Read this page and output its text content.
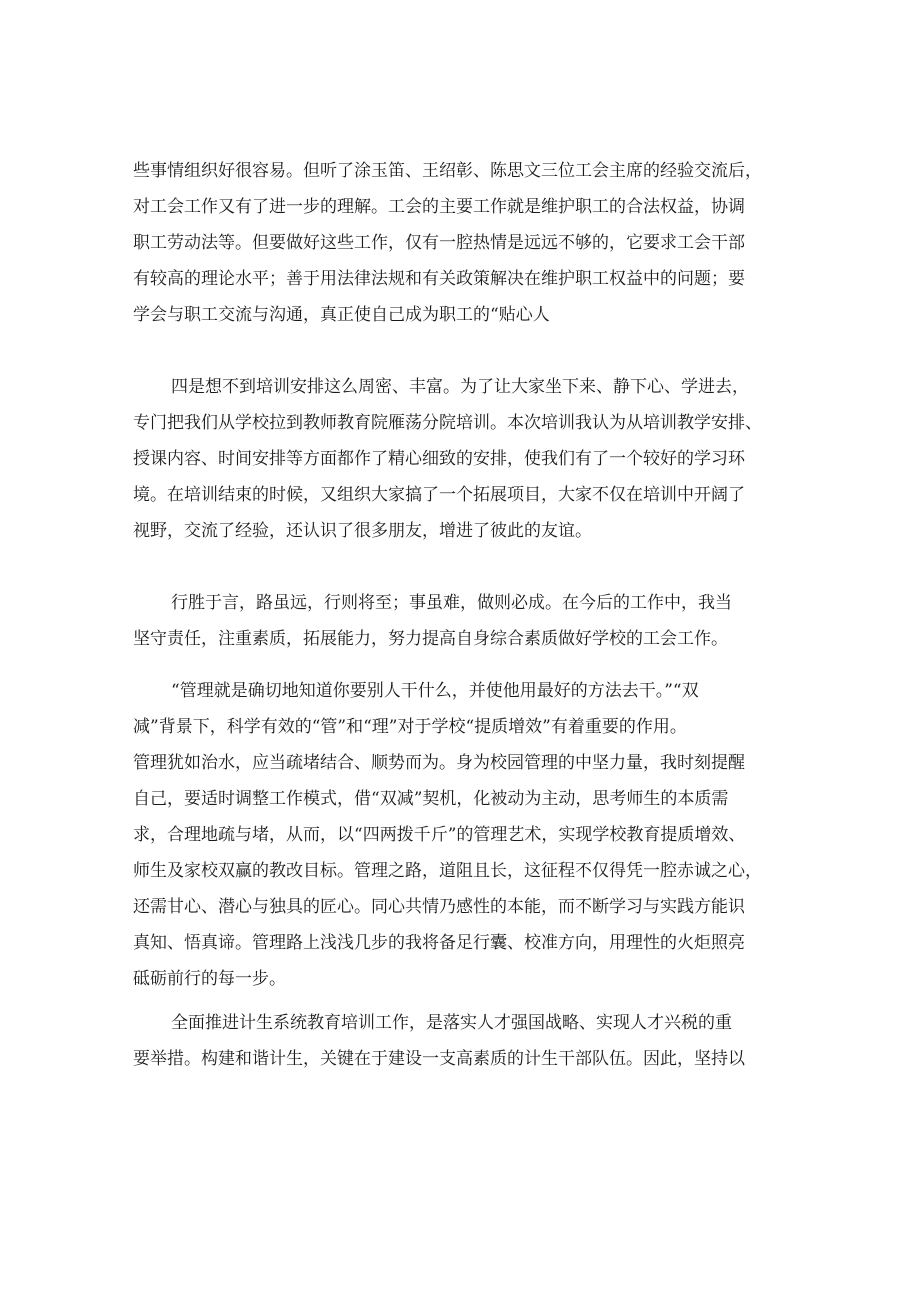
些事情组织好很容易。但听了涂玉笛、王绍彰、陈思文三位工会主席的经验交流后，
对工会工作又有了进一步的理解。工会的主要工作就是维护职工的合法权益，协调
职工劳动法等。但要做好这些工作，仅有一腔热情是远远不够的，它要求工会干部
有较高的理论水平；善于用法律法规和有关政策解决在维护职工权益中的问题；要
学会与职工交流与沟通，真正使自己成为职工的“贴心人
四是想不到培训安排这么周密、丰富。为了让大家坐下来、静下心、学进去，
专门把我们从学校拉到教师教育院雁荡分院培训。本次培训我认为从培训教学安排、
授课内容、时间安排等方面都作了精心细致的安排，使我们有了一个较好的学习环
境。在培训结束的时候，又组织大家搞了一个拓展项目，大家不仅在培训中开阔了
视野，交流了经验，还认识了很多朋友，增进了彼此的友谊。
行胜于言，路虽远，行则将至；事虽难，做则必成。在今后的工作中，我当
坚守责任，注重素质，拓展能力，努力提高自身综合素质做好学校的工会工作。
“管理就是确切地知道你要别人干什么，并使他用最好的方法去干。”“双
减”背景下，科学有效的“管”和“理”对于学校“提质增效”有着重要的作用。
管理犹如治水，应当疏堵结合、顺势而为。身为校园管理的中坚力量，我时刻提醒
自己，要适时调整工作模式，借“双减”契机，化被动为主动，思考师生的本质需
求，合理地疏与堵，从而，以“四两拨千斤”的管理艺术，实现学校教育提质增效、
师生及家校双赢的教改目标。管理之路，道阻且长，这征程不仅得凭一腔赤诚之心，
还需甘心、潜心与独具的匠心。同心共情乃感性的本能，而不断学习与实践方能识
真知、悟真谛。管理路上浅浅几步的我将备足行囊、校准方向，用理性的火炬照亮
砥砺前行的每一步。
全面推进计生系统教育培训工作，是落实人才强国战略、实现人才兴税的重
要举措。构建和谐计生，关键在于建设一支高素质的计生干部队伍。因此，坚持以
